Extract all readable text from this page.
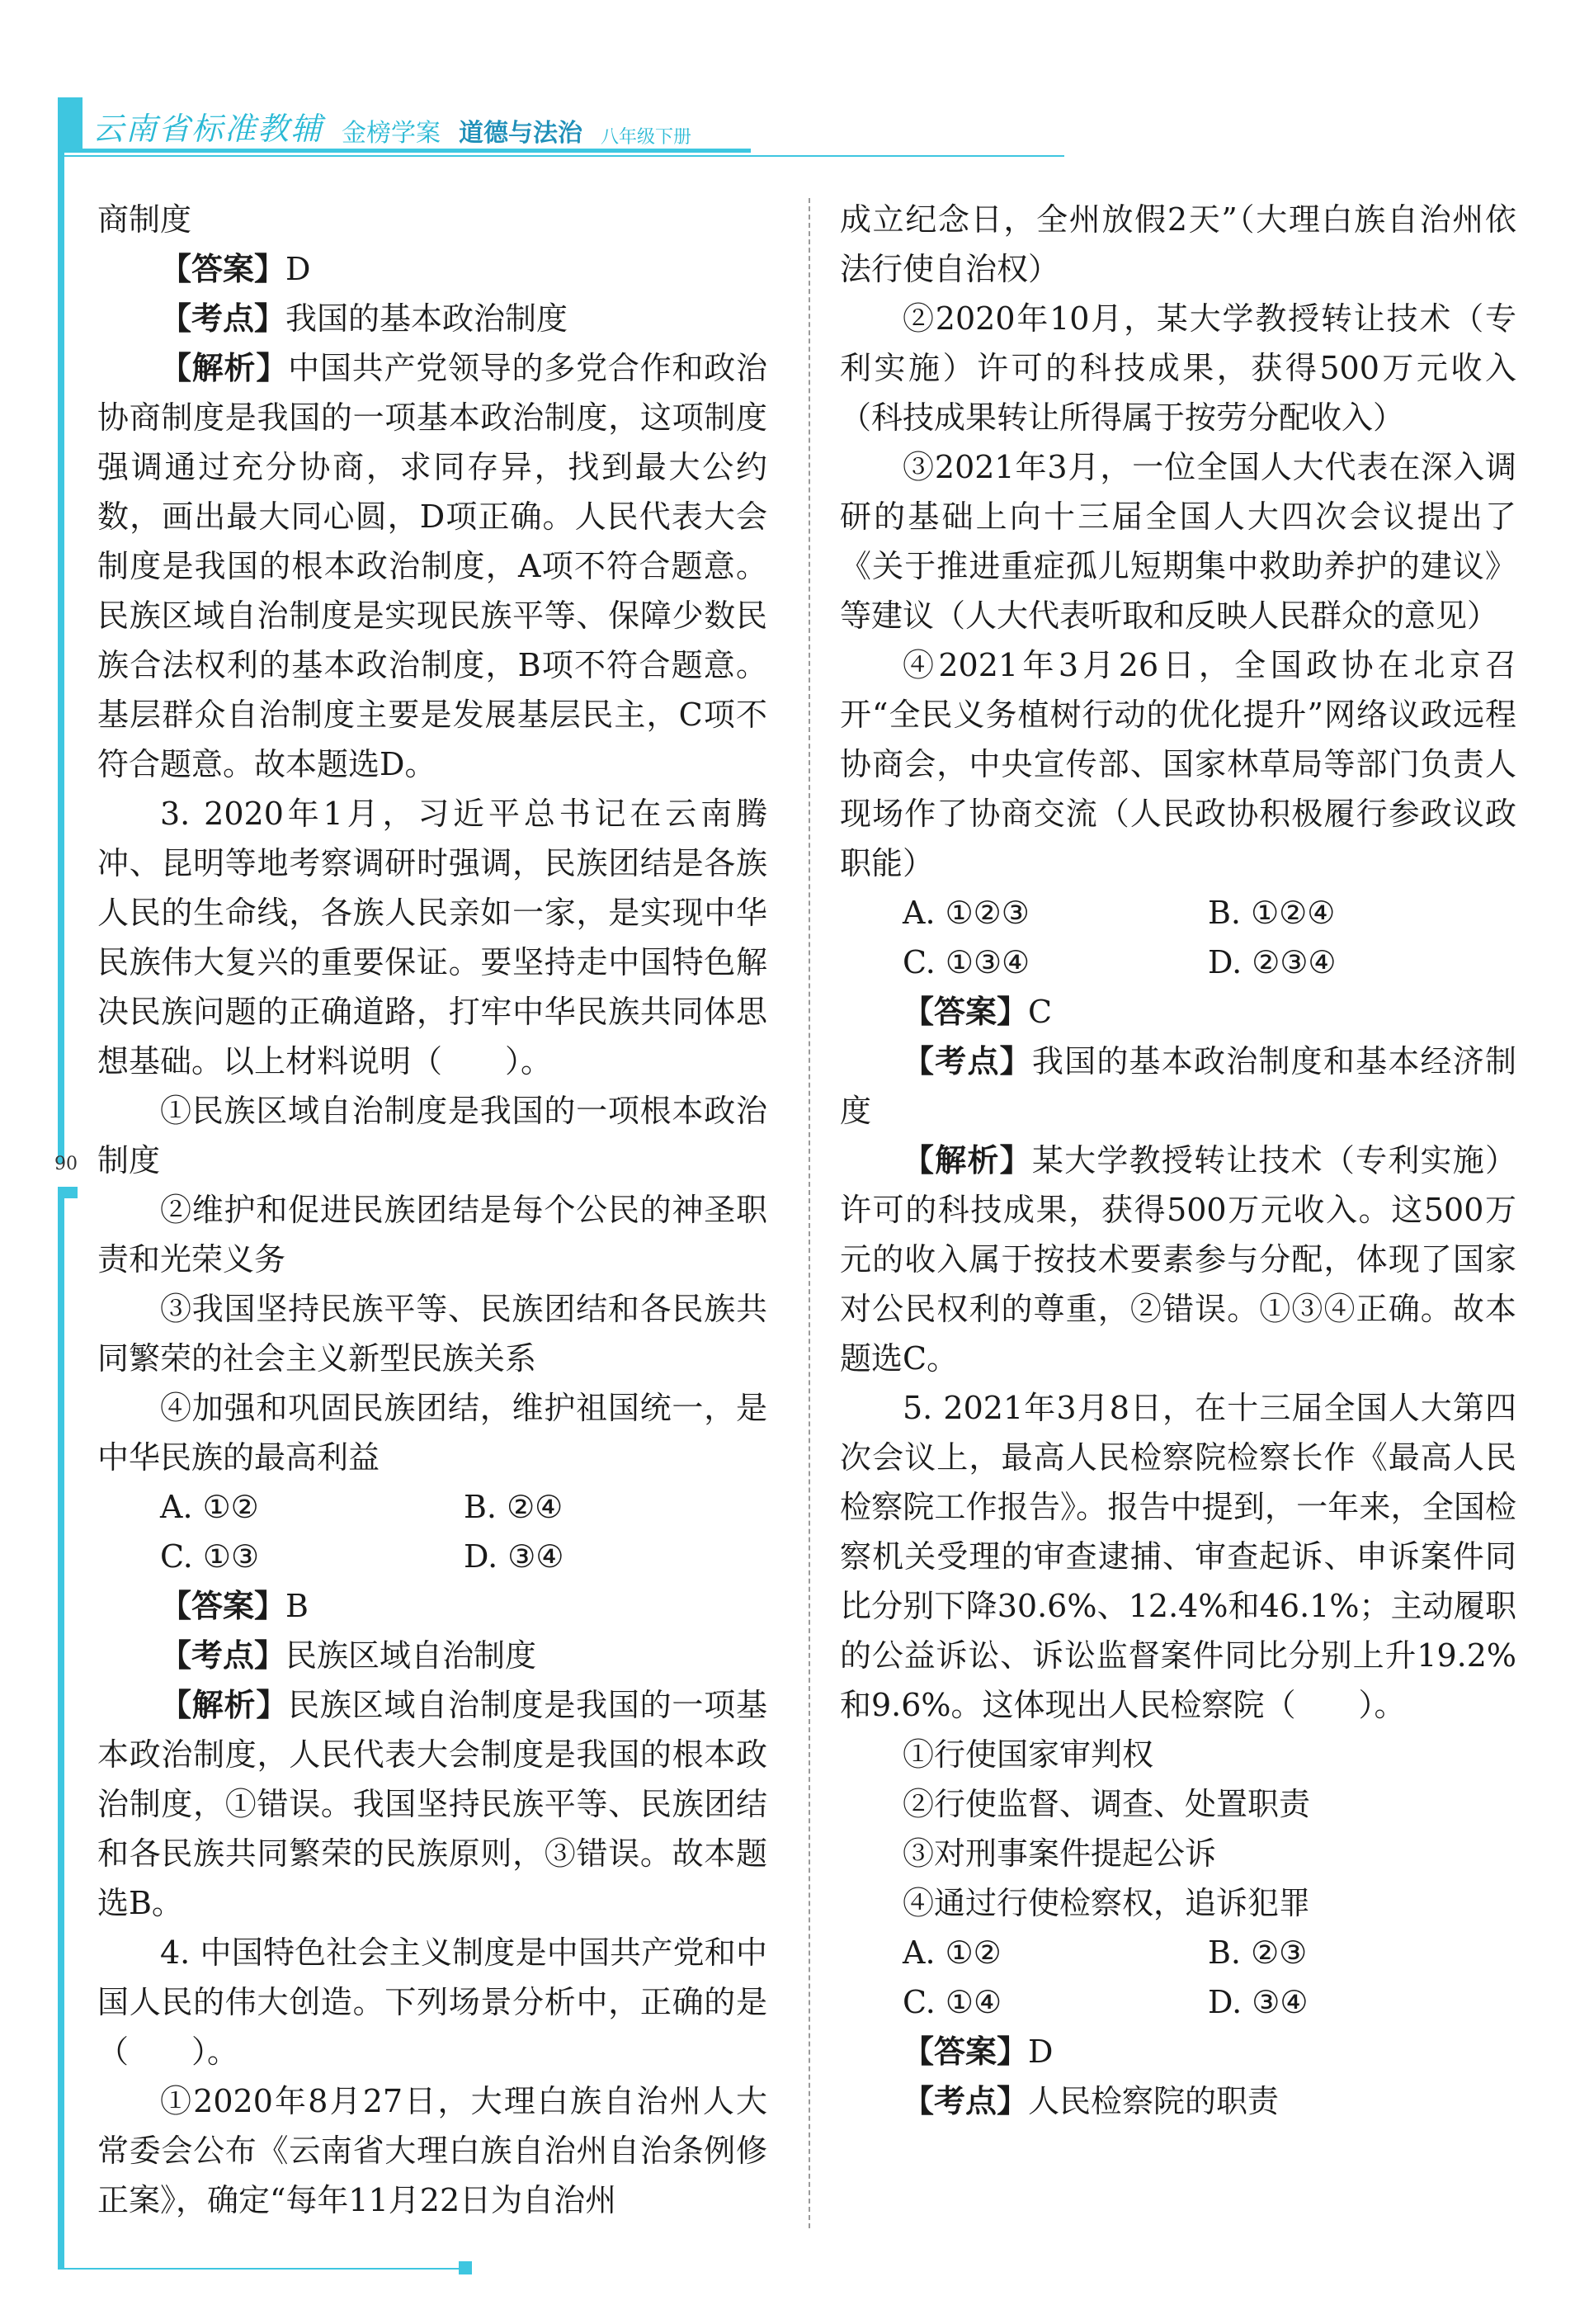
云南省标准教辅 金榜学案 道德与法治 八年级下册
90

商制度

【答案】D

【考点】我国的基本政治制度

【解析】中国共产党领导的多党合作和政治协商制度是我国的一项基本政治制度，这项制度强调通过充分协商，求同存异，找到最大公约数，画出最大同心圆，D项正确。人民代表大会制度是我国的根本政治制度，A项不符合题意。民族区域自治制度是实现民族平等、保障少数民族合法权利的基本政治制度，B项不符合题意。基层群众自治制度主要是发展基层民主，C项不符合题意。故本题选D。

3. 2020年1月，习近平总书记在云南腾冲、昆明等地考察调研时强调，民族团结是各族人民的生命线，各族人民亲如一家，是实现中华民族伟大复兴的重要保证。要坚持走中国特色解决民族问题的正确道路，打牢中华民族共同体思想基础。以上材料说明（　　）。

①民族区域自治制度是我国的一项根本政治制度

②维护和促进民族团结是每个公民的神圣职责和光荣义务

③我国坚持民族平等、民族团结和各民族共同繁荣的社会主义新型民族关系

④加强和巩固民族团结，维护祖国统一，是中华民族的最高利益

A. ①②	B. ②④
C. ①③	D. ③④

【答案】B

【考点】民族区域自治制度

【解析】民族区域自治制度是我国的一项基本政治制度，人民代表大会制度是我国的根本政治制度，①错误。我国坚持民族平等、民族团结和各民族共同繁荣的民族原则，③错误。故本题选B。

4. 中国特色社会主义制度是中国共产党和中国人民的伟大创造。下列场景分析中，正确的是（　　）。

①2020年8月27日，大理白族自治州人大常委会公布《云南省大理白族自治州自治条例修正案》，确定“每年11月22日为自治州

成立纪念日，全州放假2天”（大理白族自治州依法行使自治权）

②2020年10月，某大学教授转让技术（专利实施）许可的科技成果，获得500万元收入（科技成果转让所得属于按劳分配收入）

③2021年3月，一位全国人大代表在深入调研的基础上向十三届全国人大四次会议提出了《关于推进重症孤儿短期集中救助养护的建议》等建议（人大代表听取和反映人民群众的意见）

④2021年3月26日，全国政协在北京召开“全民义务植树行动的优化提升”网络议政远程协商会，中央宣传部、国家林草局等部门负责人现场作了协商交流（人民政协积极履行参政议政职能）

A. ①②③	B. ①②④
C. ①③④	D. ②③④

【答案】C

【考点】我国的基本政治制度和基本经济制度

【解析】某大学教授转让技术（专利实施）许可的科技成果，获得500万元收入。这500万元的收入属于按技术要素参与分配，体现了国家对公民权利的尊重，②错误。①③④正确。故本题选C。

5. 2021年3月8日，在十三届全国人大第四次会议上，最高人民检察院检察长作《最高人民检察院工作报告》。报告中提到，一年来，全国检察机关受理的审查逮捕、审查起诉、申诉案件同比分别下降30.6%、12.4%和46.1%；主动履职的公益诉讼、诉讼监督案件同比分别上升19.2%和9.6%。这体现出人民检察院（　　）。

①行使国家审判权

②行使监督、调查、处置职责

③对刑事案件提起公诉

④通过行使检察权，追诉犯罪

A. ①②	B. ②③
C. ①④	D. ③④

【答案】D

【考点】人民检察院的职责
